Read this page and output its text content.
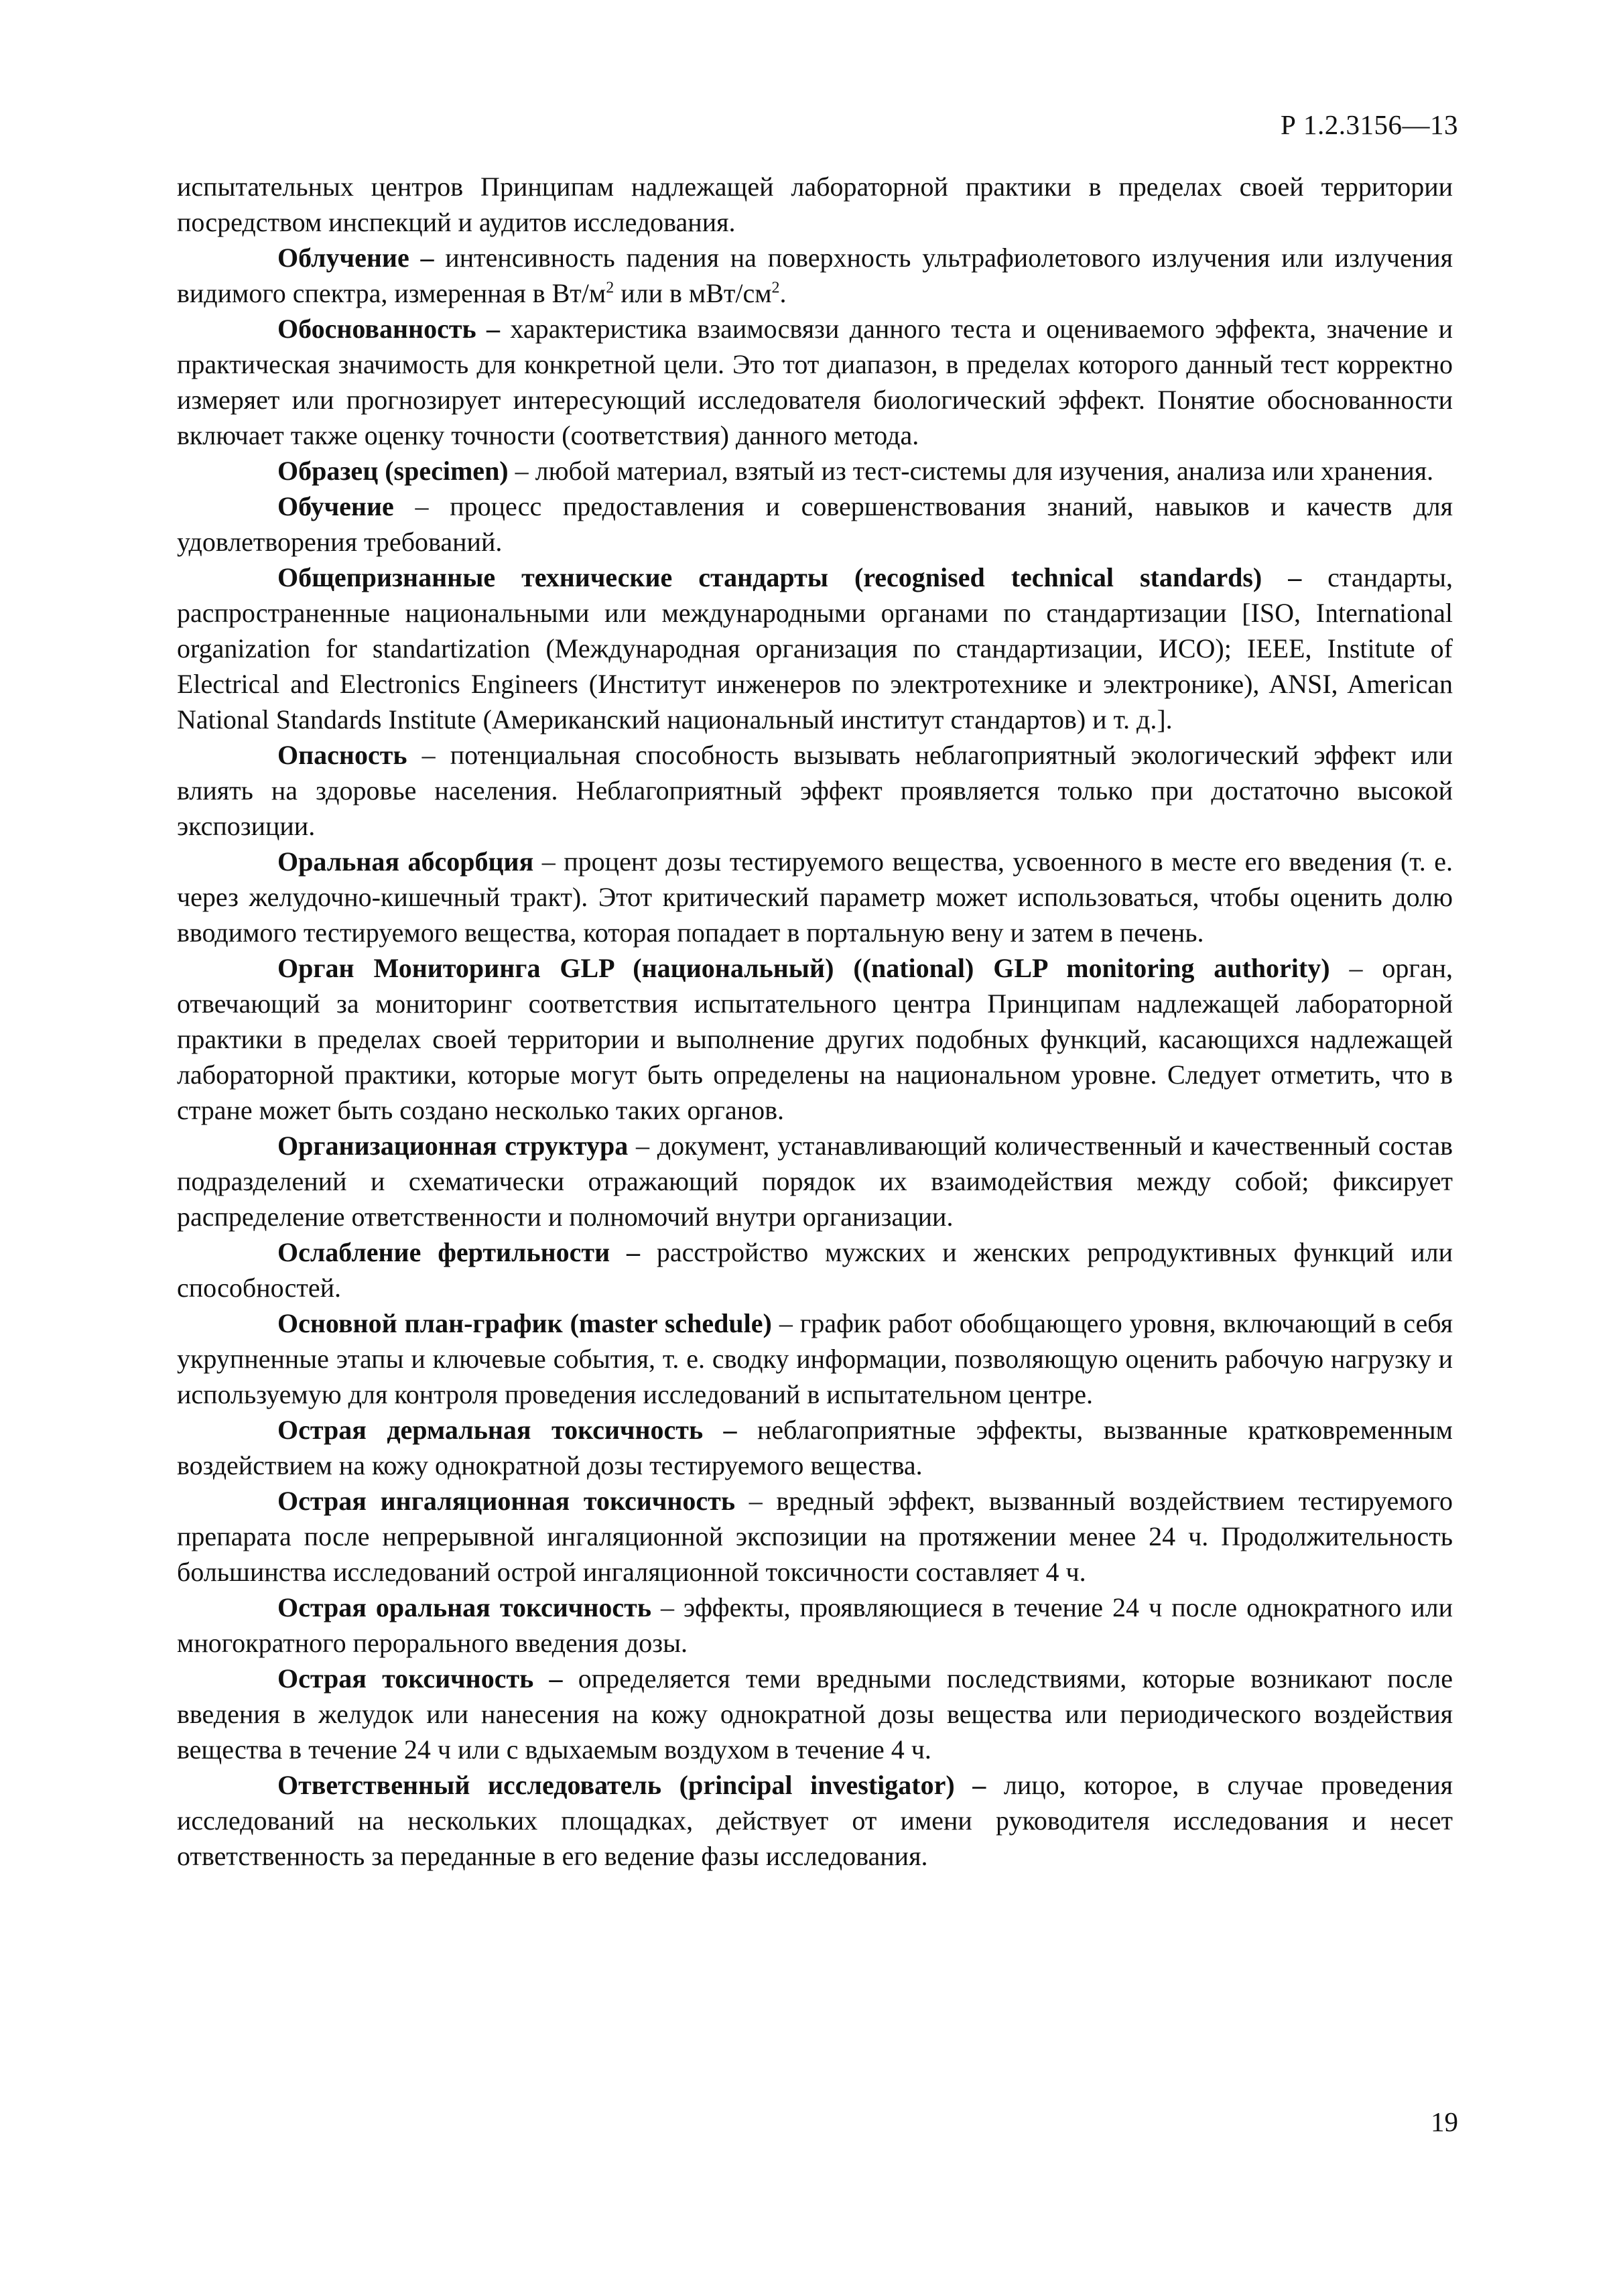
Р 1.2.3156—13

испытательных центров Принципам надлежащей лабораторной практики в пределах своей территории посредством инспекций и аудитов исследования.

Облучение – интенсивность падения на поверхность ультрафиолетового излучения или излучения видимого спектра, измеренная в $Вт/м^2$ или в мВт/$см^2$.

Обоснованность – характеристика взаимосвязи данного теста и оцениваемого эффекта, значение и практическая значимость для конкретной цели. Это тот диапазон, в пределах которого данный тест корректно измеряет или прогнозирует интересующий исследователя биологический эффект. Понятие обоснованности включает также оценку точности (соответствия) данного метода.

Образец (specimen) – любой материал, взятый из тест-системы для изучения, анализа или хранения.

Обучение – процесс предоставления и совершенствования знаний, навыков и качеств для удовлетворения требований.

Общепризнанные технические стандарты (recognised technical standards) – стандарты, распространенные национальными или международными органами по стандартизации [ISO, International organization for standartization (Международная организация по стандартизации, ИСО); IEEE, Institute of Electrical and Electronics Engineers (Институт инженеров по электротехнике и электронике), ANSI, American National Standards Institute (Американский национальный институт стандартов) и т. д.].

Опасность – потенциальная способность вызывать неблагоприятный экологический эффект или влиять на здоровье населения. Неблагоприятный эффект проявляется только при достаточно высокой экспозиции.

Оральная абсорбция – процент дозы тестируемого вещества, усвоенного в месте его введения (т. е. через желудочно-кишечный тракт). Этот критический параметр может использоваться, чтобы оценить долю вводимого тестируемого вещества, которая попадает в портальную вену и затем в печень.

Орган Мониторинга GLP (национальный) ((national) GLP monitoring authority) – орган, отвечающий за мониторинг соответствия испытательного центра Принципам надлежащей лабораторной практики в пределах своей территории и выполнение других подобных функций, касающихся надлежащей лабораторной практики, которые могут быть определены на национальном уровне. Следует отметить, что в стране может быть создано несколько таких органов.

Организационная структура – документ, устанавливающий количественный и качественный состав подразделений и схематически отражающий порядок их взаимодействия между собой; фиксирует распределение ответственности и полномочий внутри организации.

Ослабление фертильности – расстройство мужских и женских репродуктивных функций или способностей.

Основной план-график (master schedule) – график работ обобщающего уровня, включающий в себя укрупненные этапы и ключевые события, т. е. сводку информации, позволяющую оценить рабочую нагрузку и используемую для контроля проведения исследований в испытательном центре.

Острая дермальная токсичность – неблагоприятные эффекты, вызванные кратковременным воздействием на кожу однократной дозы тестируемого вещества.

Острая ингаляционная токсичность – вредный эффект, вызванный воздействием тестируемого препарата после непрерывной ингаляционной экспозиции на протяжении менее 24 ч. Продолжительность большинства исследований острой ингаляционной токсичности составляет 4 ч.

Острая оральная токсичность – эффекты, проявляющиеся в течение 24 ч после однократного или многократного перорального введения дозы.

Острая токсичность – определяется теми вредными последствиями, которые возникают после введения в желудок или нанесения на кожу однократной дозы вещества или периодического воздействия вещества в течение 24 ч или с вдыхаемым воздухом в течение 4 ч.

Ответственный исследователь (principal investigator) – лицо, которое, в случае проведения исследований на нескольких площадках, действует от имени руководителя исследования и несет ответственность за переданные в его ведение фазы исследования.

19
